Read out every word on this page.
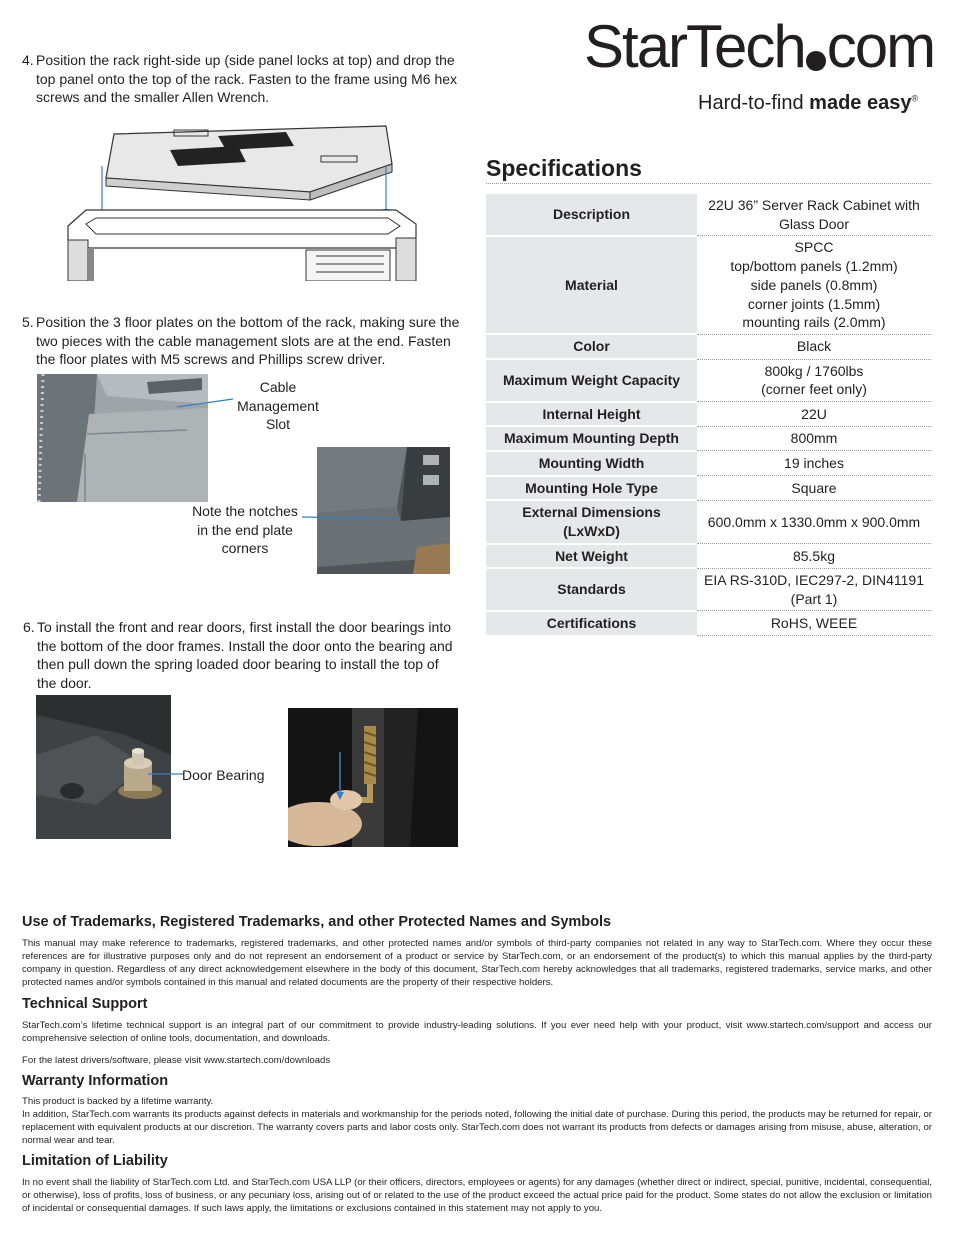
StarTech com
Hard-to-find made easy®
4. Position the rack right-side up (side panel locks at top) and drop the top panel onto the top of the rack. Fasten to the frame using M6 hex screws and the smaller Allen Wrench.
5. Position the 3 floor plates on the bottom of the rack, making sure the two pieces with the cable management slots are at the end. Fasten the floor plates with M5 screws and Phillips screw driver.
Cable
Management
Slot
Note the notches
in the end plate
corners
6. To install the front and rear doors, first install the door bearings into the bottom of the door frames. Install the door onto the bearing and then pull down the spring loaded door bearing to install the top of the door.
Door Bearing
Specifications
Description	22U 36” Server Rack Cabinet with
Glass Door

Material	SPCC
top/bottom panels (1.2mm)
side panels (0.8mm)
corner joints (1.5mm)
mounting rails (2.0mm)

Color	Black

Maximum Weight Capacity	800kg / 1760lbs
(corner feet only)

Internal Height	22U

Maximum Mounting Depth	800mm

Mounting Width	19 inches

Mounting Hole Type	Square

External Dimensions
(LxWxD)	600.0mm x 1330.0mm x 900.0mm

Net Weight	85.5kg

Standards	EIA RS-310D, IEC297-2, DIN41191
(Part 1)

Certifications	RoHS, WEEE
Use of Trademarks, Registered Trademarks, and other Protected Names and Symbols
This manual may make reference to trademarks, registered trademarks, and other protected names and/or symbols of third-party companies not related in any way to StarTech.com. Where they occur these references are for illustrative purposes only and do not represent an endorsement of a product or service by StarTech.com, or an endorsement of the product(s) to which this manual applies by the third-party company in question. Regardless of any direct acknowledgement elsewhere in the body of this document, StarTech.com hereby acknowledges that all trademarks, registered trademarks, service marks, and other protected names and/or symbols contained in this manual and related documents are the property of their respective holders.
Technical Support
StarTech.com’s lifetime technical support is an integral part of our commitment to provide industry-leading solutions. If you ever need help with your product, visit www.startech.com/support and access our comprehensive selection of online tools, documentation, and downloads.
For the latest drivers/software, please visit www.startech.com/downloads
Warranty Information
This product is backed by a lifetime warranty.
In addition, StarTech.com warrants its products against defects in materials and workmanship for the periods noted, following the initial date of purchase. During this period, the products may be returned for repair, or replacement with equivalent products at our discretion. The warranty covers parts and labor costs only. StarTech.com does not warrant its products from defects or damages arising from misuse, abuse, alteration, or normal wear and tear.
Limitation of Liability
In no event shall the liability of StarTech.com Ltd. and StarTech.com USA LLP (or their officers, directors, employees or agents) for any damages (whether direct or indirect, special, punitive, incidental, consequential, or otherwise), loss of profits, loss of business, or any pecuniary loss, arising out of or related to the use of the product exceed the actual price paid for the product. Some states do not allow the exclusion or limitation of incidental or consequential damages. If such laws apply, the limitations or exclusions contained in this statement may not apply to you.
